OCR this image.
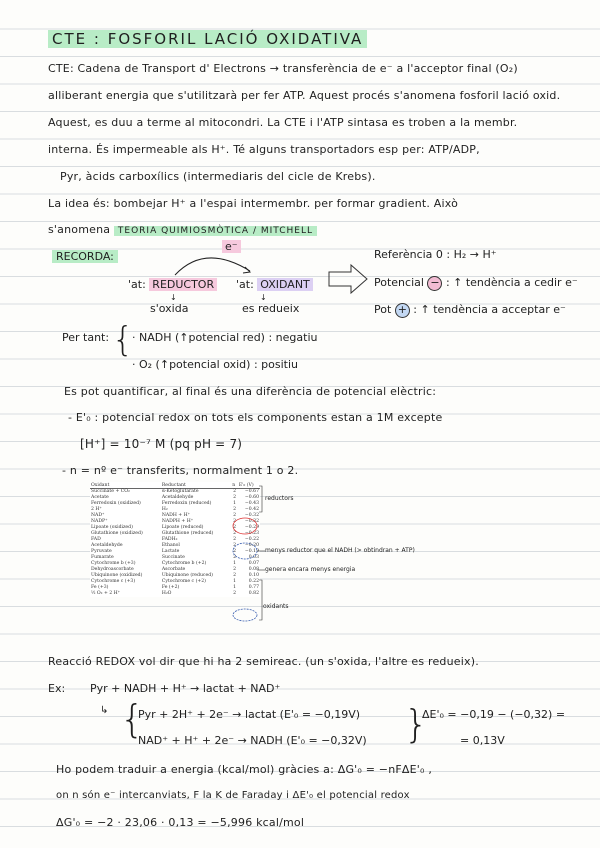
CTE : FOSFORIL LACIÓ OXIDATIVA
CTE: Cadena de Transport d' Electrons → transferència de e⁻ a l'acceptor final (O₂)
alliberant energia que s'utilitzarà per fer ATP. Aquest procés s'anomena fosforil lació oxid.
Aquest, es duu a terme al mitocondri. La CTE i l'ATP sintasa es troben a la membr.
interna. És impermeable als H⁺. Té alguns transportadors esp per: ATP/ADP,
Pyr, àcids carboxílics (intermediaris del cicle de Krebs).
La idea és: bombejar H⁺ a l'espai intermembr. per formar gradient. Això
s'anomena TEORIA QUIMIOSMÒTICA / MITCHELL
RECORDA:
e⁻
'at: REDUCTOR 'at: OXIDANT
↓	↓
s'oxida	es redueix
Referència 0 : H₂ → H⁺
Potencial − : ↑ tendència a cedir e⁻
Pot + : ↑ tendència a acceptar e⁻
Per tant: {
· NADH (↑potencial red) : negatiu
· O₂ (↑potencial oxid) : positiu
Es pot quantificar, al final és una diferència de potencial elèctric:
- E'₀ : potencial redox on tots els components estan a 1M excepte
[H⁺] = 10⁻⁷ M (pq pH = 7)
- n = nº e⁻ transferits, normalment 1 o 2.
Oxidant	Reductant	n	E'₀ (V)
Succinate + CO₂	α-Ketoglutarate	2	−0.67
Acetate	Acetaldehyde	2	−0.60
Ferredoxin (oxidized)	Ferredoxin (reduced)	1	−0.43
2 H⁺	H₂	2	−0.42
NAD⁺	NADH + H⁺	2	−0.32
NADP⁺	NADPH + H⁺	2	−0.32
Lipoate (oxidized)	Lipoate (reduced)	2	−0.29
Glutathione (oxidized)	Glutathione (reduced)	2	−0.23
FAD	FADH₂	2	−0.22
Acetaldehyde	Ethanol	2	−0.20
Pyruvate	Lactate	2	−0.19
Fumarate	Succinate	2	0.03
Cytochrome b (+3)	Cytochrome b (+2)	1	0.07
Dehydroascorbate	Ascorbate	2	0.08
Ubiquinone (oxidized)	Ubiquinone (reduced)	2	0.10
Cytochrome c (+3)	Cytochrome c (+2)	1	0.22
Fe (+3)	Fe (+2)	1	0.77
½ O₂ + 2 H⁺	H₂O	2	0.82
reductors
menys reductor que el NADH (> obtindran + ATP)
genera encara menys energia
oxidants
Reacció REDOX vol dir que hi ha 2 semireac. (un s'oxida, l'altre es redueix).
Ex: Pyr + NADH + H⁺ → lactat + NAD⁺
↳ {
Pyr + 2H⁺ + 2e⁻ → lactat (E'₀ = −0,19V)
NAD⁺ + H⁺ + 2e⁻ → NADH (E'₀ = −0,32V) }
ΔE'₀ = −0,19 − (−0,32) =
= 0,13V
Ho podem traduir a energia (kcal/mol) gràcies a: ΔG'₀ = −nFΔE'₀ ,
on n són e⁻ intercanviats, F la K de Faraday i ΔE'₀ el potencial redox
ΔG'₀ = −2 · 23,06 · 0,13 = −5,996 kcal/mol
